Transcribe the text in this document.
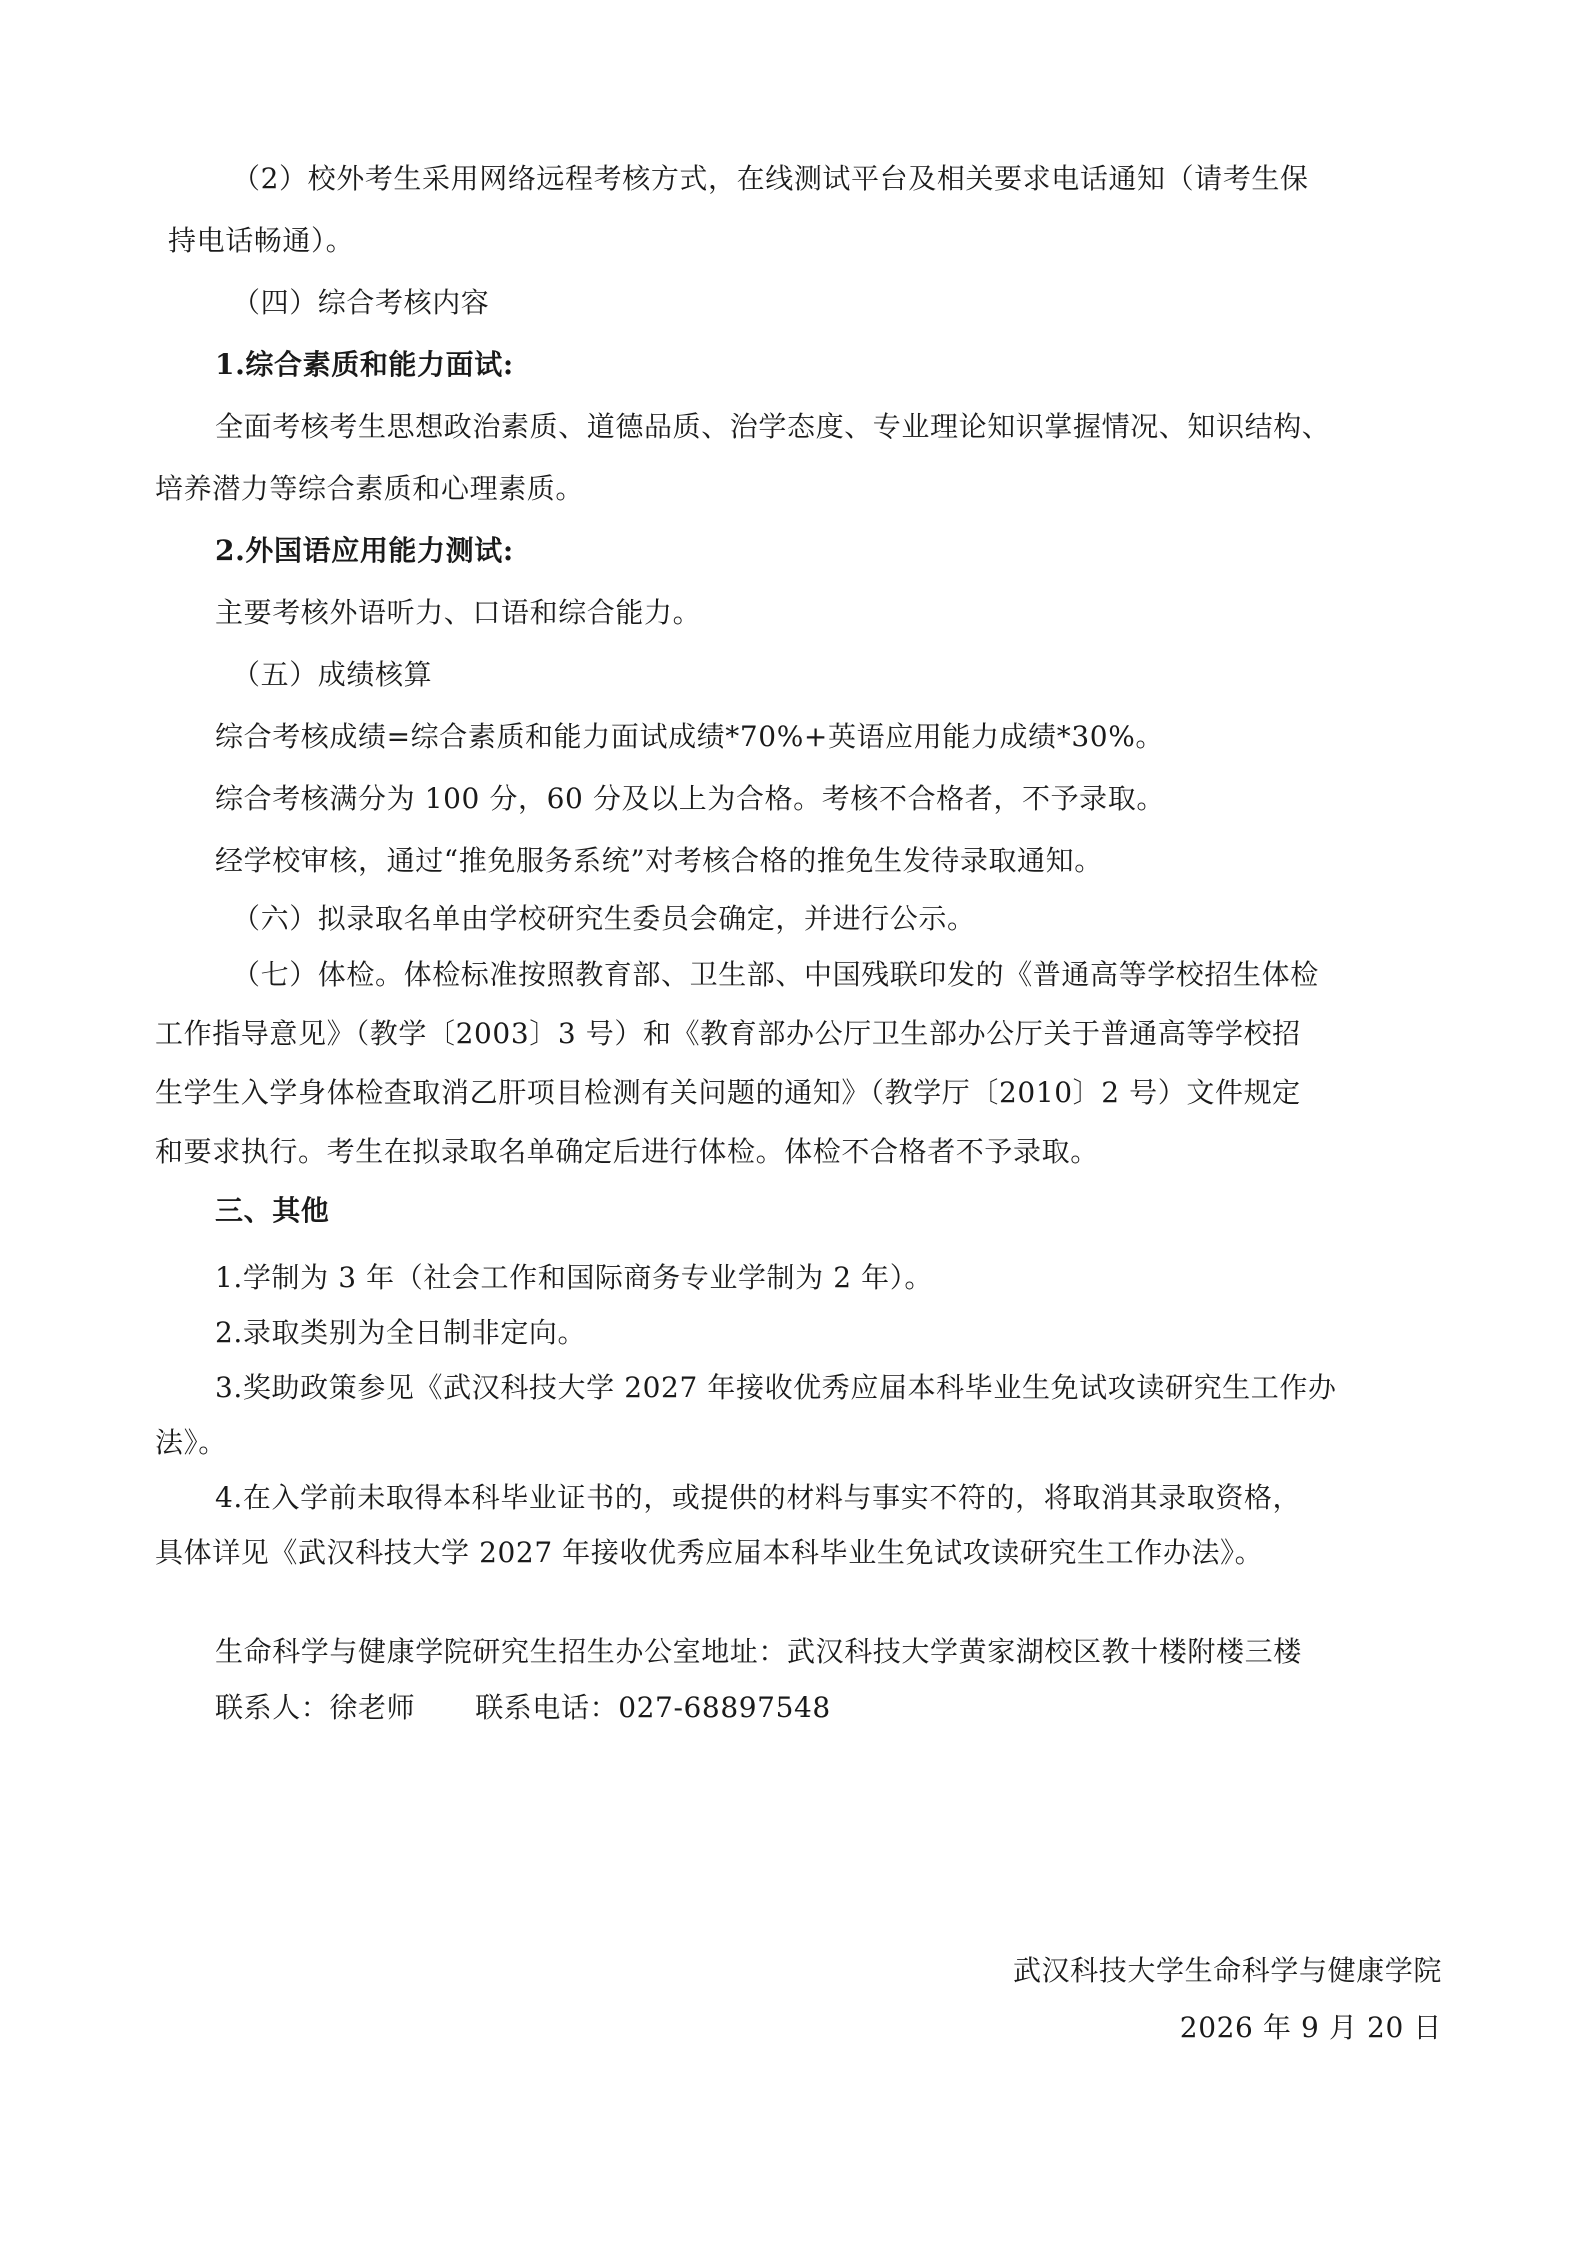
（2）校外考生采用网络远程考核方式，在线测试平台及相关要求电话通知（请考生保
持电话畅通）。
（四）综合考核内容
1.综合素质和能力面试:
全面考核考生思想政治素质、道德品质、治学态度、专业理论知识掌握情况、知识结构、
培养潜力等综合素质和心理素质。
2.外国语应用能力测试:
主要考核外语听力、口语和综合能力。
（五）成绩核算
综合考核成绩=综合素质和能力面试成绩*70%+英语应用能力成绩*30%。
综合考核满分为 100 分，60 分及以上为合格。考核不合格者，不予录取。
经学校审核，通过“推免服务系统”对考核合格的推免生发待录取通知。
（六）拟录取名单由学校研究生委员会确定，并进行公示。
（七）体检。体检标准按照教育部、卫生部、中国残联印发的《普通高等学校招生体检
工作指导意见》（教学〔2003〕3 号）和《教育部办公厅卫生部办公厅关于普通高等学校招
生学生入学身体检查取消乙肝项目检测有关问题的通知》（教学厅〔2010〕2 号）文件规定
和要求执行。考生在拟录取名单确定后进行体检。体检不合格者不予录取。
三、其他
1.学制为 3 年（社会工作和国际商务专业学制为 2 年）。
2.录取类别为全日制非定向。
3.奖助政策参见《武汉科技大学 2027 年接收优秀应届本科毕业生免试攻读研究生工作办
法》。
4.在入学前未取得本科毕业证书的，或提供的材料与事实不符的，将取消其录取资格，
具体详见《武汉科技大学 2027 年接收优秀应届本科毕业生免试攻读研究生工作办法》。
生命科学与健康学院研究生招生办公室地址：武汉科技大学黄家湖校区教十楼附楼三楼
联系人：徐老师 联系电话：027-68897548
武汉科技大学生命科学与健康学院
2026 年 9 月 20 日
